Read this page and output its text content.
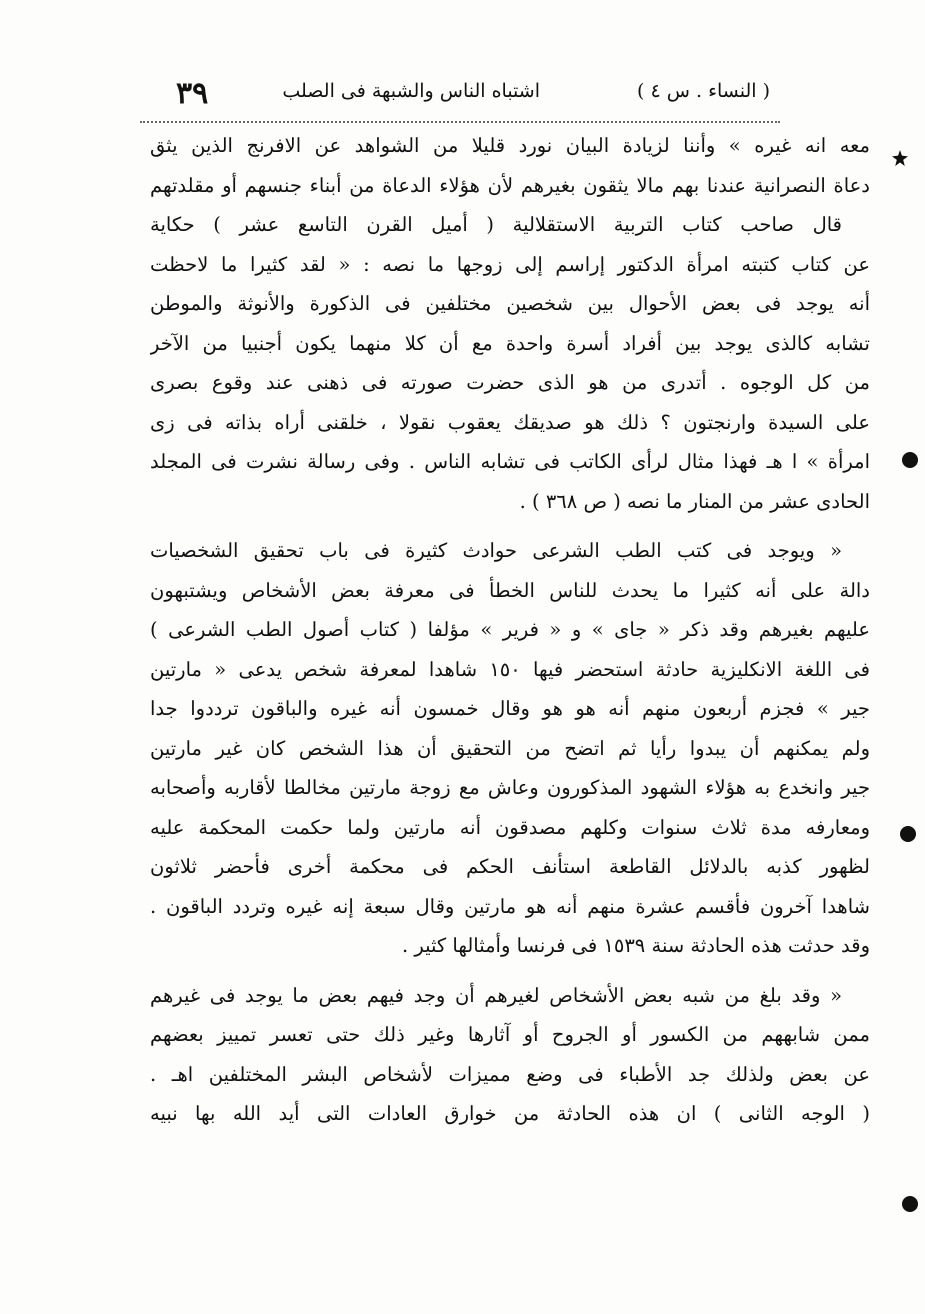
( النساء . س ٤ )
اشتباه الناس والشبهة فى الصلب
٣٩
معه انه غيره » وأننا لزيادة البيان نورد قليلا من الشواهد عن الافرنج الذين يثق
دعاة النصرانية عندنا بهم مالا يثقون بغيرهم لأن هؤلاء الدعاة من أبناء جنسهم أو مقلدتهم
قال صاحب كتاب التربية الاستقلالية ( أميل القرن التاسع عشر ) حكاية
عن كتاب كتبته امرأة الدكتور إراسم إلى زوجها ما نصه : « لقد كثيرا ما لاحظت
أنه يوجد فى بعض الأحوال بين شخصين مختلفين فى الذكورة والأنوثة والموطن
تشابه كالذى يوجد بين أفراد أسرة واحدة مع أن كلا منهما يكون أجنبيا من الآخر
من كل الوجوه . أتدرى من هو الذى حضرت صورته فى ذهنى عند وقوع بصرى
على السيدة وارنجتون ؟ ذلك هو صديقك يعقوب نقولا ، خلقنى أراه بذاته فى زى
امرأة » ا هـ فهذا مثال لرأى الكاتب فى تشابه الناس . وفى رسالة نشرت فى المجلد
الحادى عشر من المنار ما نصه ( ص ٣٦٨ ) .
« ويوجد فى كتب الطب الشرعى حوادث كثيرة فى باب تحقيق الشخصيات
دالة على أنه كثيرا ما يحدث للناس الخطأ فى معرفة بعض الأشخاص ويشتبهون
عليهم بغيرهم وقد ذكر « جاى » و « فرير » مؤلفا ( كتاب أصول الطب الشرعى )
فى اللغة الانكليزية حادثة استحضر فيها ١٥٠ شاهدا لمعرفة شخص يدعى « مارتين
جير » فجزم أربعون منهم أنه هو هو وقال خمسون أنه غيره والباقون ترددوا جدا
ولم يمكنهم أن يبدوا رأيا ثم اتضح من التحقيق أن هذا الشخص كان غير مارتين
جير وانخدع به هؤلاء الشهود المذكورون وعاش مع زوجة مارتين مخالطا لأقاربه وأصحابه
ومعارفه مدة ثلاث سنوات وكلهم مصدقون أنه مارتين ولما حكمت المحكمة عليه
لظهور كذبه بالدلائل القاطعة استأنف الحكم فى محكمة أخرى فأحضر ثلاثون
شاهدا آخرون فأقسم عشرة منهم أنه هو مارتين وقال سبعة إنه غيره وتردد الباقون .
وقد حدثت هذه الحادثة سنة ١٥٣٩ فى فرنسا وأمثالها كثير .
« وقد بلغ من شبه بعض الأشخاص لغيرهم أن وجد فيهم بعض ما يوجد فى غيرهم
ممن شابههم من الكسور أو الجروح أو آثارها وغير ذلك حتى تعسر تمييز بعضهم
عن بعض ولذلك جد الأطباء فى وضع مميزات لأشخاص البشر المختلفين اهـ .
( الوجه الثانى ) ان هذه الحادثة من خوارق العادات التى أيد الله بها نبيه
